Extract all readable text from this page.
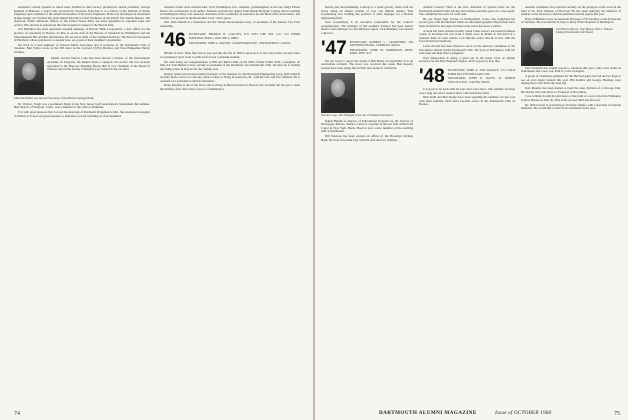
automatic control systems so much more flexible in their factory production control problems. George Kimball of Hanover, a native who received his doctorate from M.I.T., is a fellow of the Institute of Radio Engineers and a member of the American Institute of Electrical Engineers. Hans was developed an automated bridge design. Art Nichols has been named Executive Chief Examiner of the Public Fire Rating Bureau. Jim Donovan, Public Relations Officer of the United States Mint, has been appointed to represent sales and service. His election is announced this fall as general counsel of the Boston firm.

Ted Hamilton has been appointed resident manager of Boston Mills Corporation, a new office for the practice of optometry in Boston. Al Pete is on the staff of the Bureau of Standards in Washington and the Massachusetts Bar and Bar Information. He served as chief of the Southern Railway. The Edward Sorensons of Hartford, whose grandson is a student here, are proud of their daughter's graduation.

Gil Peck is a lead engineer of Pressed Metal Associates and is treasurer of the Dartmouth Club of Spokane. Burt Fuller wrote on the 500 news in the Concord (N.H.) Monitor, and New Hampshire Public Utilities.

Mount erected Mercer Lane has been elected a Fellow of the International Academy of Surgeons, the highest honor a surgeon can receive. He was recently appointed to the Hanover Planning Board. Bill is vice chairman of the Board of Trustees and on the faculty of Rutgers Law School in the tax field.

Malcolm Fuller was elected Secretary of the Boston Savings Bank

Dr. Weaver, Vergil was a prominent figure in the New Jersey Golf Association's tournament this summer. Bob Weaver of Westport, Conn., was a member of the school committee.

It is with great pleasure that I record the marriage of Raymond Perpignan to Mrs. Sue Anderson in August in Wilton. It is now our great pleasure to announce several weddings of class members.

Amanda Foster were married June 18 in Washington, D.C. Amanda, granddaughter of the late Judge Edwin Easter, has well known as an author. Amanda received her degree from Mount Holyoke College and is teaching in Washington. Harry was reelected chairman of the committee on insurance for the Boston Bar Association. Ted Schafer was present as the Bernardino Civic Club's guest.

Mrs. Dick Merrill is a fundraiser and the Tenant Development Corp., is president of the Kansas City Ford dealership.

'46 SECRETARY, THOMAS H. COLLINS, N.Y. 5033 LIFE INS. CO., 123 THIRD NATIONAL BLDG., DAYTON 2, OHIO
TREASURER, JOHN L. MASON, 14 MAYNARD AVE., SPRINGFIELD 1, MASS.

DEAR CLASS: Time flies and as you read this the fall of 1960 is upon us. It is now more than 14 years since we graduated, and I want to wish each of you a pleasant autumn.

We send along our congratulations to Bill and Ruth Cahill on the birth of their fourth child, a daughter, on May 24. Sam Barker is now serving as president of the Rochester area Dartmouth Club. We hear he is leading the family plans in Dayton for the coming year.

Rodger Anderson has been named manager of the business for the Riverside Engineering Corp. Kent Aldrich recently made a move to Chicago. Dick Cooney is living in Glenview, Ill., with his wife and five children. He is assistant vice president at Allstate Insurance.

Doug Rawlins is out of the Navy and is living on Beacon Street in Boston. Doc Kendall left his job to enter the ministry after more than a year of considering it.

74

having and merchandising. Lothrop is a retail grocery chain with six stores doing an annual volume of over one million dollars. Tom Goodenberg now holding the position of sales manager for a Boston engineering firm.

Tom Goodenberg is an executive responsible for the contract reorganization. The manager of the southern division has been named district sales manager for the Midwest region. Jack Manning was elected a director.

'47 SECRETARY, ROBERT L. CRAWFORD, 364 KENSINGTON RD., SUDBURY, MASS.
TREASURER, JOHN M. MORRISON, KENT PARK, RYE, N.Y.

We are sorry to report the death of Bill Breen on September 9 in an automobile accident. The news was received this week. Ben Rosen's parents have been doing fine in their new home in California.

Warren Copp, Jim Schlegel at the rite of Industrial Advisers

Ralph Holden is director of Educational Program for the Society of Newspaper Editors. Wallace Carter is a partner in the law firm of Hart and Carter in New York. Barrie Hood is now a new member of the teaching staff at Dartmouth.

Bill Peterson has been elected an officer of the Brooklyn Savings Bank. He lives in Garden City with his wife and two children.

Alumni Council. Herb is the first chairman of Special Gifts for the Dartmouth Alumni Fund, having served three previous years as a class agent. The committee has done its work well.

Hi, our friend Tom Towner of Wethersfield, Conn., has completed his second year with the Hartford Times as chief photographer. His pictures have been excellent in the paper and his recent series has been a winner.

A book has been written recently about Gene Grace's successful business career. It describes his rise from a small store in Maine to the head of a national chain of retail outlets. Lew Rhodes writes that he is now with the Ford division in Dearborn.

Lewis Powell has been chosen to serve on the advisory committee of the Providence Rhode Island Dartmouth Club. He lives in Barrington with his wife Jane and their three youngsters.

Tom Shepardson is doing a great job in his home town as alumni secretary for the New England chapter, and it is good to hear that.

'48 SECRETARY, JOHN A. VAN RAALTE, C/O COLD FORM KIT, FITZWILLIAM, N.H.
TREASURER, JOHN E. DAVIS, 20 NORTH LINCOLN AVE., SALEM, MASS.

It is good to be back with all your news once more. The summer vacation was a long one and it seems I have collected many items.

Dick Kuhl and Bob Dodge have been spending the summer at Cape Cod with their families. Both have become active in the Dartmouth Club of Boston.

Another classmate who reported recently on the progress of his work in the field is Dr. Fred Johnson of Harvard. He has been studying the behavior of animals at the laboratory and has published several papers this year.

Harry Whitman is now an Assistant Professor of Economics at the University of Vermont. He was married in June to Mary Ellen Thornton of Burlington.

Tom Bruce Moore, Tom Harper, Bob J. Nelson joining Dartmouth Club Board

Paul Trueman has double reason to celebrate this year, with a new home in Winchester and a new son, Paul Jr., born in August.

A group of classmates gathered for the Harvard game last fall and we hope to see an even larger turnout this year. Bill Rollins and George Hastings were among those who made the long trip.

Karl Mueller has been named to head the sales division of a Chicago firm. He and his wife will move to Evanston in November.

I was writing in with the glad news of the birth of a son to the Don Whitakers in New Haven on June 30. This is the second child and first son.

Dr. Walt Grover is practicing in Portland, Maine, with a specialty in internal medicine. He would like to hear from classmates in the area.

DARTMOUTH ALUMNI MAGAZINE	Issue of OCTOBER 1960	75
